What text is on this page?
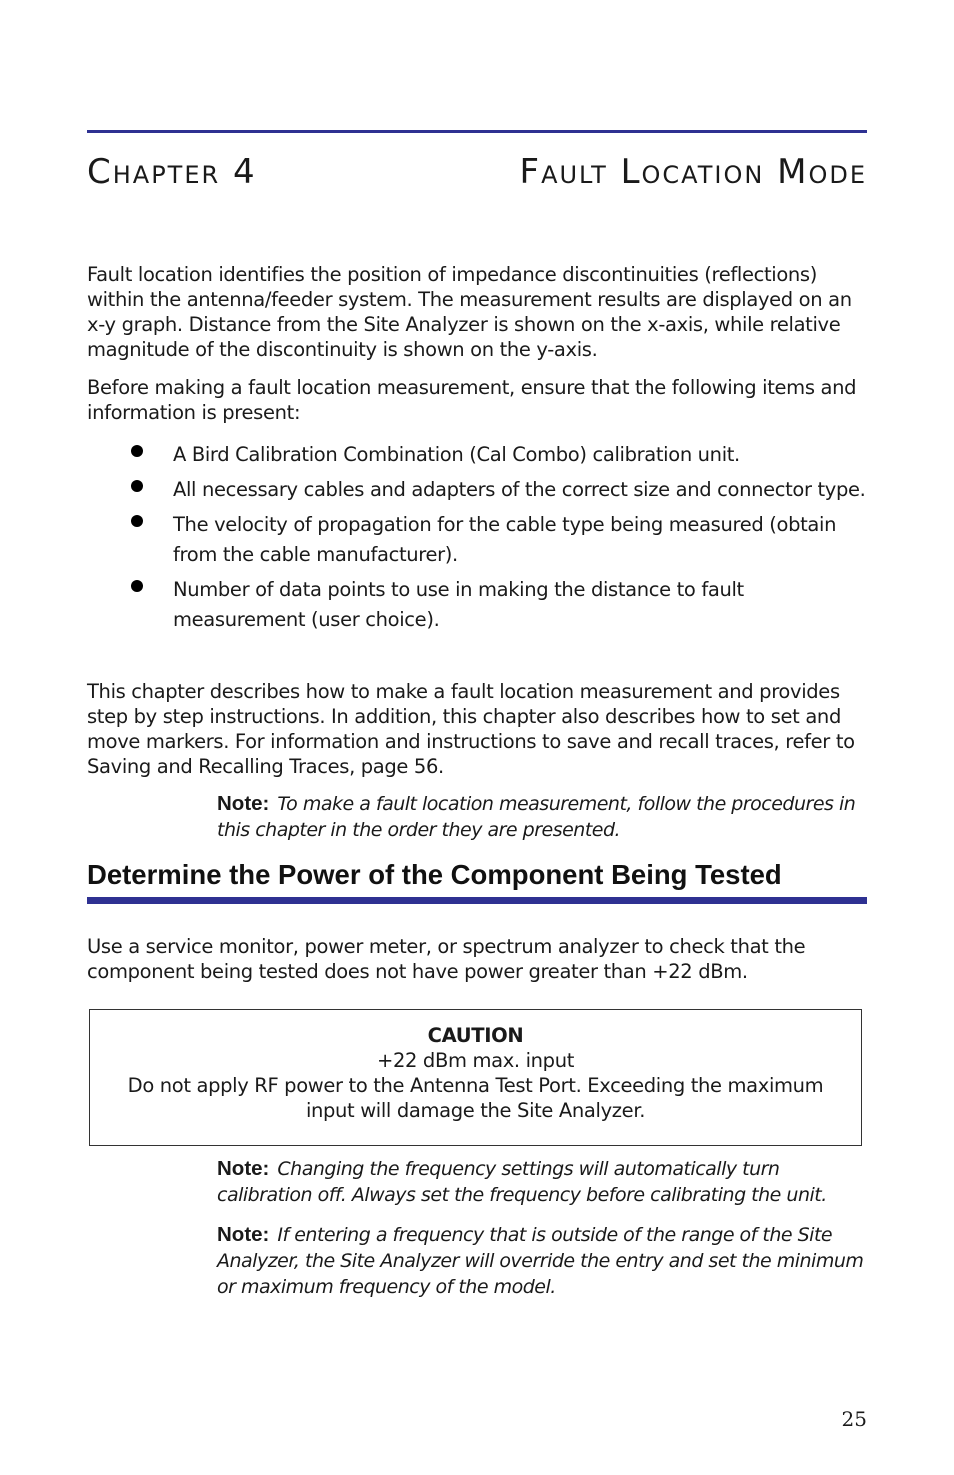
Chapter 4	Fault Location Mode

Fault location identifies the position of impedance discontinuities (reflections) within the antenna/feeder system. The measurement results are displayed on an x-y graph. Distance from the Site Analyzer is shown on the x-axis, while relative magnitude of the discontinuity is shown on the y-axis.

Before making a fault location measurement, ensure that the following items and information is present:

A Bird Calibration Combination (Cal Combo) calibration unit.
All necessary cables and adapters of the correct size and connector type.
The velocity of propagation for the cable type being measured (obtain from the cable manufacturer).
Number of data points to use in making the distance to fault measurement (user choice).

This chapter describes how to make a fault location measurement and provides step by step instructions. In addition, this chapter also describes how to set and move markers. For information and instructions to save and recall traces, refer to Saving and Recalling Traces, page 56.

Note: To make a fault location measurement, follow the procedures in this chapter in the order they are presented.
Determine the Power of the Component Being Tested

Use a service monitor, power meter, or spectrum analyzer to check that the component being tested does not have power greater than +22 dBm.

CAUTION
+22 dBm max. input
Do not apply RF power to the Antenna Test Port. Exceeding the maximum input will damage the Site Analyzer.
Note: Changing the frequency settings will automatically turn calibration off. Always set the frequency before calibrating the unit.
Note: If entering a frequency that is outside of the range of the Site Analyzer, the Site Analyzer will override the entry and set the minimum or maximum frequency of the model.
25
